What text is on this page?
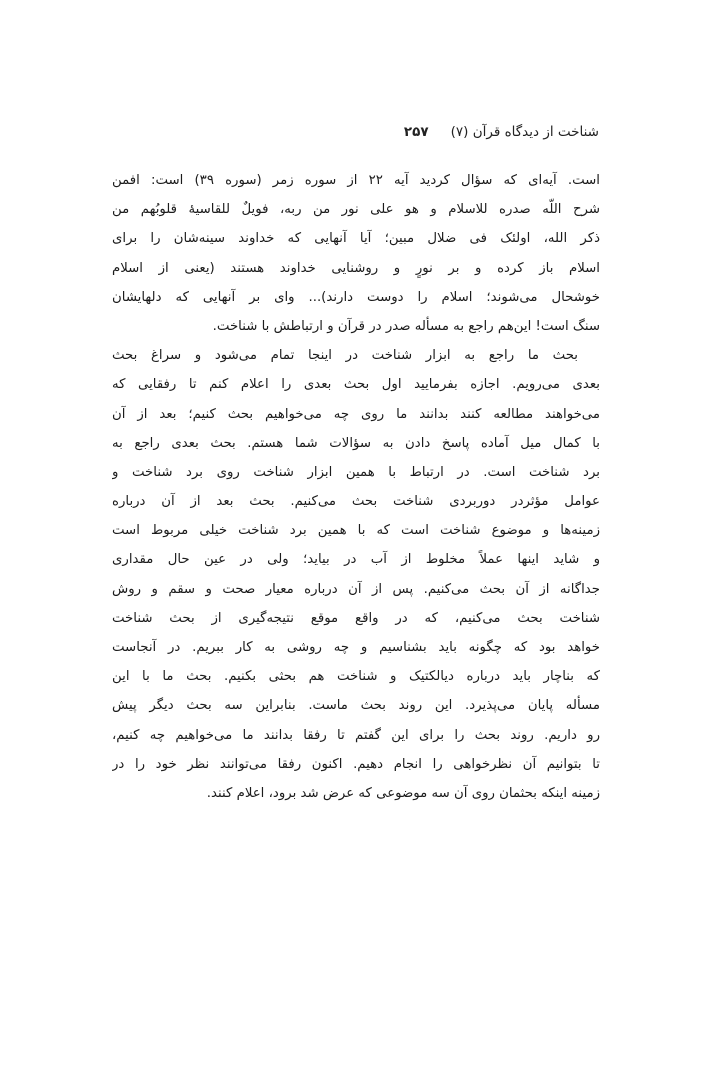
شناخت از دیدگاه قرآن (۷)
۲۵۷
است. آیه‌ای که سؤال کردید آیه ۲۲ از سوره زمر (سوره ۳۹) است: افمن
شرح اللّه صدره للاسلام و هو علی نور من ربه، فویلٌ للقاسیهٔ قلوبُهم من
ذکر الله، اولئک فی ضلال مبین؛ آیا آنهایی که خداوند سینه‌شان را برای
اسلام باز کرده و بر نورٍ و روشنایی خداوند هستند (یعنی از اسلام
خوشحال می‌شوند؛ اسلام را دوست دارند)... وای بر آنهایی که دلهایشان
سنگ است! این‌هم راجع به مسأله صدر در قرآن و ارتباطش با شناخت.
بحث ما راجع به ابزار شناخت در اینجا تمام می‌شود و سراغ بحث
بعدی می‌رویم. اجازه بفرمایید اول بحث بعدی را اعلام کنم تا رفقایی که
می‌خواهند مطالعه کنند بدانند ما روی چه می‌خواهیم بحث کنیم؛ بعد از آن
با کمال میل آماده پاسخ دادن به سؤالات شما هستم. بحث بعدی راجع به
برد شناخت است. در ارتباط با همین ابزار شناخت روی برد شناخت و
عوامل مؤثردر دوربردی شناخت بحث می‌کنیم. بحث بعد از آن درباره
زمینه‌ها و موضوع شناخت است که با همین برد شناخت خیلی مربوط است
و شاید اینها عملاً مخلوط از آب در بیاید؛ ولی در عین حال مقداری
جداگانه از آن بحث می‌کنیم. پس از آن درباره معیار صحت و سقم و روش
شناخت بحث می‌کنیم، که در واقع موقع نتیجه‌گیری از بحث شناخت
خواهد بود که چگونه باید بشناسیم و چه روشی به کار ببریم. در آنجاست
که بناچار باید درباره دیالکتیک و شناخت هم بحثی بکنیم. بحث ما با این
مسأله پایان می‌پذیرد. این روند بحث ماست. بنابراین سه بحث دیگر پیش
رو داریم. روند بحث را برای این گفتم تا رفقا بدانند ما می‌خواهیم چه کنیم،
تا بتوانیم آن نظرخواهی را انجام دهیم. اکنون رفقا می‌توانند نظر خود را در
زمینه اینکه بحثمان روی آن سه موضوعی که عرض شد برود، اعلام کنند.
